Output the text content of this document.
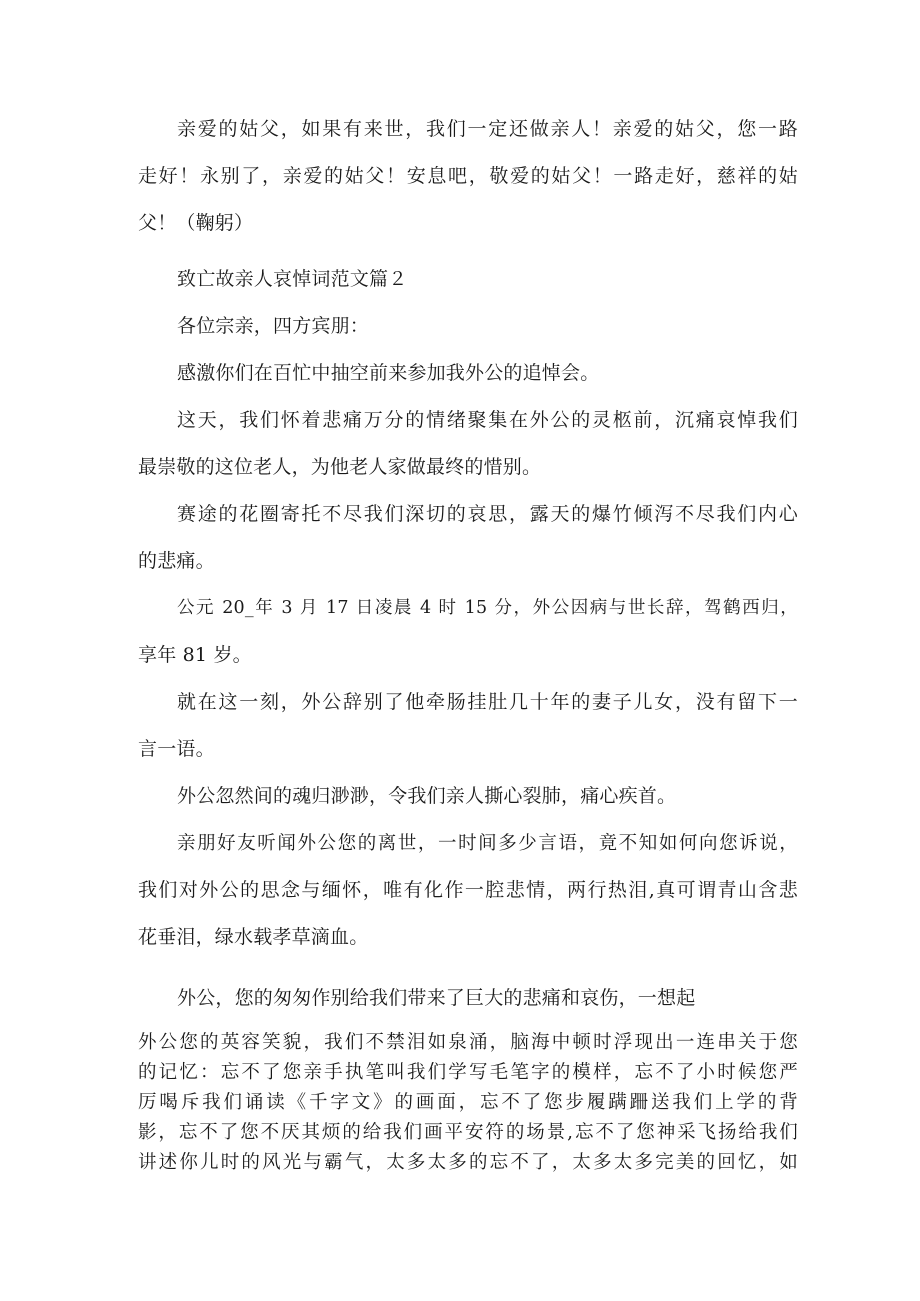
亲爱的姑父，如果有来世，我们一定还做亲人！亲爱的姑父，您一路
走好！永别了，亲爱的姑父！安息吧，敬爱的姑父！一路走好，慈祥的姑
父！（鞠躬）
致亡故亲人哀悼词范文篇２
各位宗亲，四方宾朋：
感激你们在百忙中抽空前来参加我外公的追悼会。
这天，我们怀着悲痛万分的情绪聚集在外公的灵柩前，沉痛哀悼我们
最崇敬的这位老人，为他老人家做最终的惜别。
赛途的花圈寄托不尽我们深切的哀思，露天的爆竹倾泻不尽我们内心
的悲痛。
公元 20_年 3 月 17 日凌晨 4 时 15 分，外公因病与世长辞，驾鹤西归，
享年 81 岁。
就在这一刻，外公辞别了他牵肠挂肚几十年的妻子儿女，没有留下一
言一语。
外公忽然间的魂归渺渺，令我们亲人撕心裂肺，痛心疾首。
亲朋好友听闻外公您的离世，一时间多少言语，竟不知如何向您诉说，
我们对外公的思念与缅怀，唯有化作一腔悲情，两行热泪,真可谓青山含悲
花垂泪，绿水载孝草滴血。
外公，您的匆匆作别给我们带来了巨大的悲痛和哀伤，一想起
外公您的英容笑貌，我们不禁泪如泉涌，脑海中顿时浮现出一连串关于您
的记忆：忘不了您亲手执笔叫我们学写毛笔字的模样，忘不了小时候您严
厉喝斥我们诵读《千字文》的画面，忘不了您步履蹒跚送我们上学的背
影，忘不了您不厌其烦的给我们画平安符的场景,忘不了您神采飞扬给我们
讲述你儿时的风光与霸气，太多太多的忘不了，太多太多完美的回忆，如
